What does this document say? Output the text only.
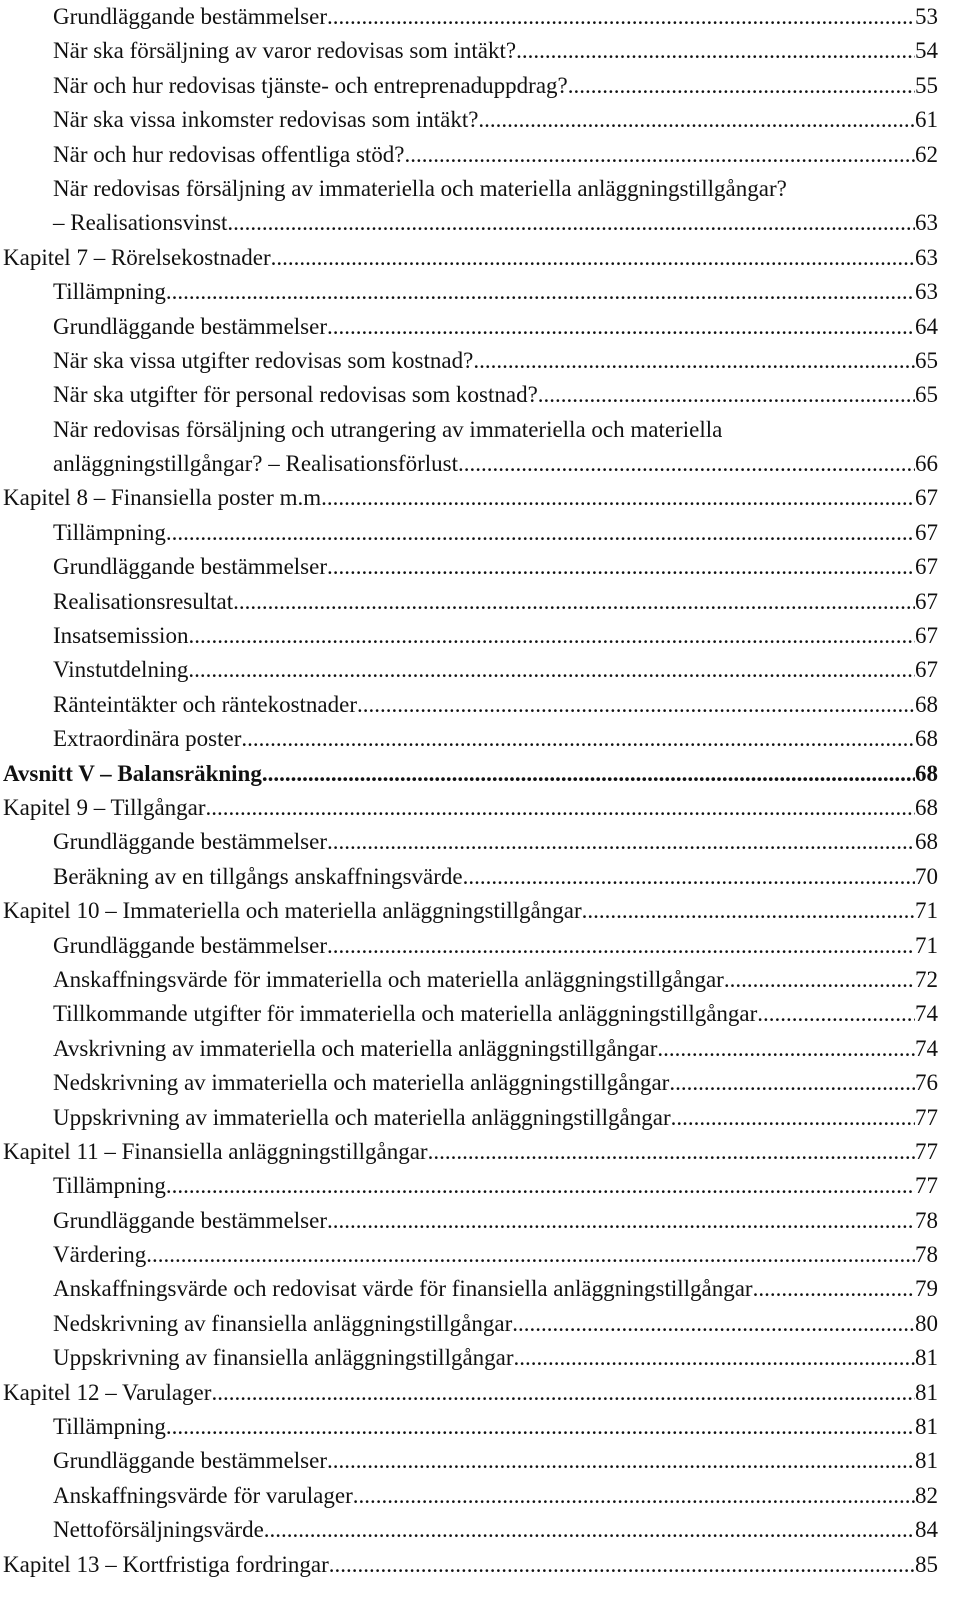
Grundläggande bestämmelser .....	53
När ska försäljning av varor redovisas som intäkt? .....	54
När och hur redovisas tjänste- och entreprenaduppdrag? .....	55
När ska vissa inkomster redovisas som intäkt? .....	61
När och hur redovisas offentliga stöd? .....	62
När redovisas försäljning av immateriella och materiella anläggningstillgångar?
– Realisationsvinst .....	63
Kapitel 7 – Rörelsekostnader .....	63
Tillämpning .....	63
Grundläggande bestämmelser .....	64
När ska vissa utgifter redovisas som kostnad? .....	65
När ska utgifter för personal redovisas som kostnad? .....	65
När redovisas försäljning och utrangering av immateriella och materiella
anläggningstillgångar? – Realisationsförlust .....	66
Kapitel 8 – Finansiella poster m.m. .....	67
Tillämpning .....	67
Grundläggande bestämmelser .....	67
Realisationsresultat .....	67
Insatsemission .....	67
Vinstutdelning .....	67
Ränteintäkter och räntekostnader .....	68
Extraordinära poster .....	68
Avsnitt V – Balansräkning .....	68
Kapitel 9 – Tillgångar .....	68
Grundläggande bestämmelser .....	68
Beräkning av en tillgångs anskaffningsvärde .....	70
Kapitel 10 – Immateriella och materiella anläggningstillgångar .....	71
Grundläggande bestämmelser .....	71
Anskaffningsvärde för immateriella och materiella anläggningstillgångar .....	72
Tillkommande utgifter för immateriella och materiella anläggningstillgångar .....	74
Avskrivning av immateriella och materiella anläggningstillgångar .....	74
Nedskrivning av immateriella och materiella anläggningstillgångar .....	76
Uppskrivning av immateriella och materiella anläggningstillgångar .....	77
Kapitel 11 – Finansiella anläggningstillgångar .....	77
Tillämpning .....	77
Grundläggande bestämmelser .....	78
Värdering .....	78
Anskaffningsvärde och redovisat värde för finansiella anläggningstillgångar .....	79
Nedskrivning av finansiella anläggningstillgångar .....	80
Uppskrivning av finansiella anläggningstillgångar .....	81
Kapitel 12 – Varulager .....	81
Tillämpning .....	81
Grundläggande bestämmelser .....	81
Anskaffningsvärde för varulager .....	82
Nettoförsäljningsvärde .....	84
Kapitel 13 – Kortfristiga fordringar .....	85
